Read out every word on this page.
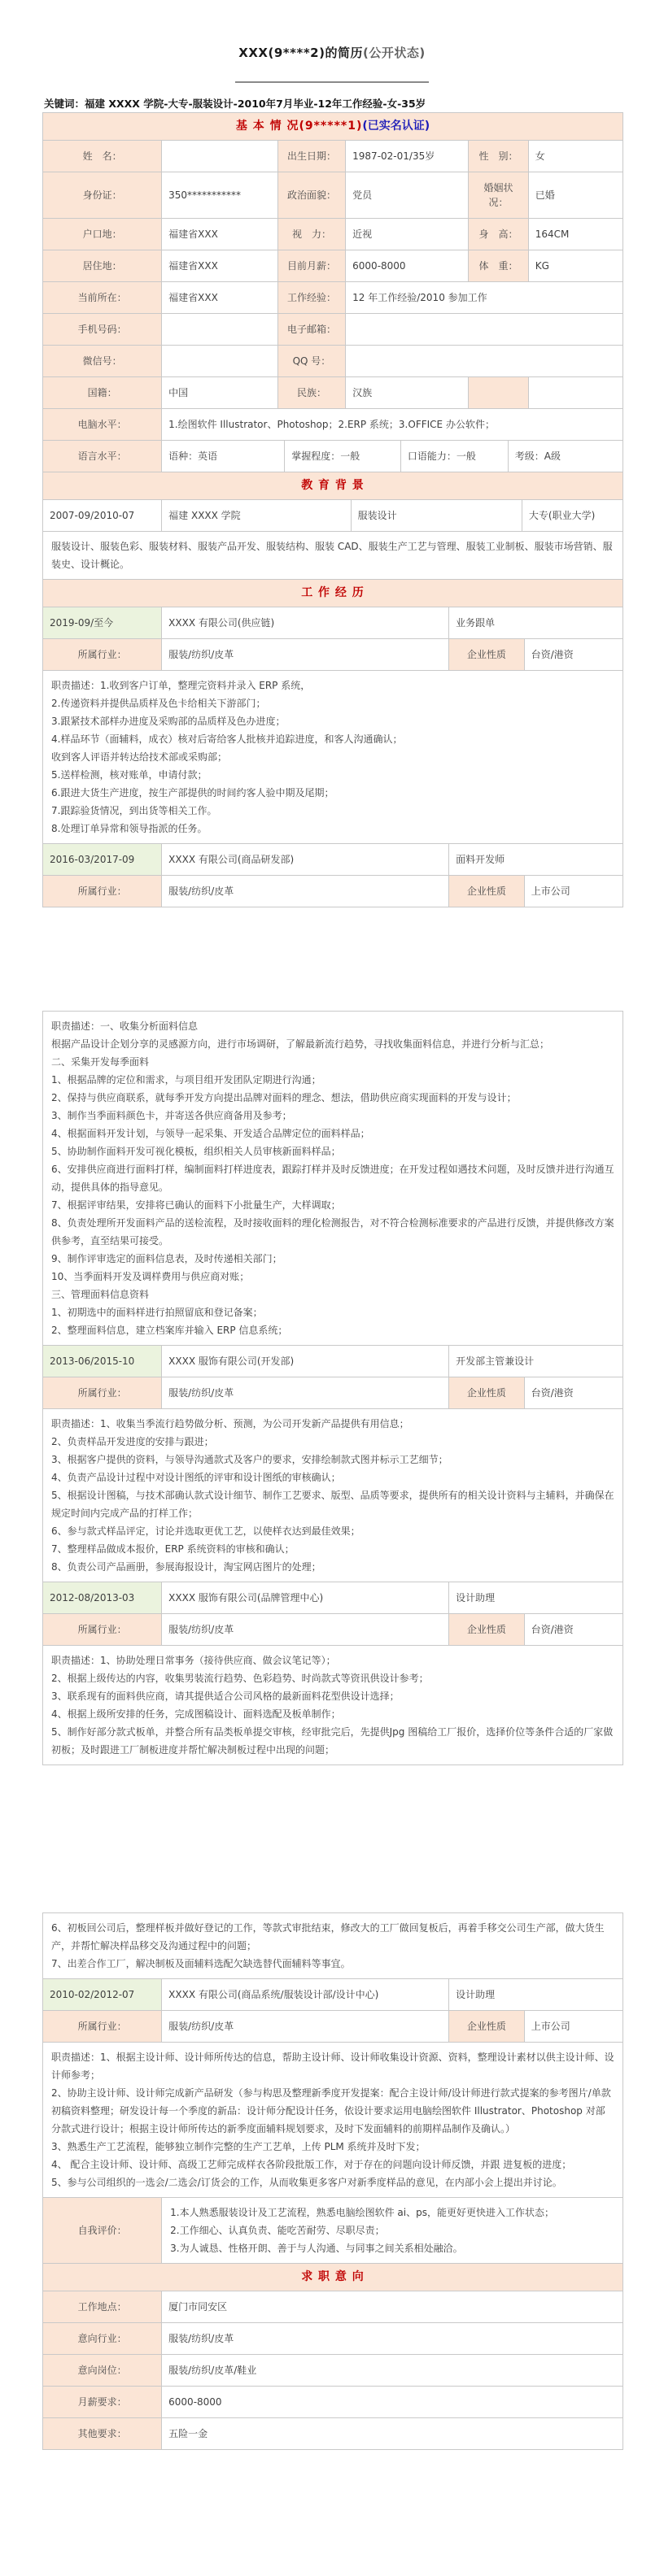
XXX(9****2)的简历(公开状态)
关键词：福建 XXXX 学院-大专-服装设计-2010年7月毕业-12年工作经验-女-35岁
基 本 情 况(9*****1)(已实名认证)					
姓　名：		出生日期：	1987-02-01/35岁	性　别：	女
身份证：	350***********	政治面貌：	党员	婚姻状况：	已婚
户口地：	福建省XXX	视　力：	近视	身　高：	164CM
居住地：	福建省XXX	目前月薪：	6000-8000	体　重：	KG
当前所在：	福建省XXX	工作经验：	12 年工作经验/2010 参加工作		
手机号码：		电子邮箱：			
微信号：		QQ 号：			
国籍：	中国	民族：	汉族		
电脑水平：	1.绘图软件 Illustrator、Photoshop；2.ERP 系统；3.OFFICE 办公软件；				
语言水平：	语种：英语	掌握程度：一般	口语能力：一般	考级：A级
教 育 背 景
2007-09/2010-07	福建 XXXX 学院	服装设计	大专(职业大学)

服装设计、服装色彩、服装材料、服装产品开发、服装结构、服装 CAD、服装生产工艺与管理、服装工业制板、服装市场营销、服装史、设计概论。
工 作 经 历
2019-09/至今	XXXX 有限公司(供应链)	业务跟单	
所属行业：	服装/纺织/皮革	企业性质	台资/港资

职责描述：1.收到客户订单，整理完资料并录入 ERP 系统，
2.传递资料并提供品质样及色卡给相关下游部门；
3.跟紧技术部样办进度及采购部的品质样及色办进度；
4.样品环节（面辅料，成衣）核对后寄给客人批核并追踪进度，和客人沟通确认；
收到客人评语并转达给技术部或采购部；
5.送样检测，核对账单，申请付款；
6.跟进大货生产进度，按生产部提供的时间约客人验中期及尾期；
7.跟踪验货情况，到出货等相关工作。
8.处理订单异常和领导指派的任务。
2016-03/2017-09	XXXX 有限公司(商品研发部)	面料开发师	
所属行业：	服装/纺织/皮革	企业性质	上市公司
职责描述：一、收集分析面料信息
根据产品设计企划分享的灵感源方向，进行市场调研，了解最新流行趋势，寻找收集面料信息，并进行分析与汇总；
二、采集开发每季面料
1、根据品牌的定位和需求，与项目组开发团队定期进行沟通；
2、保持与供应商联系，就每季开发方向提出品牌对面料的理念、想法，借助供应商实现面料的开发与设计；
3、制作当季面料颜色卡，并寄送各供应商备用及参考；
4、根据面料开发计划，与领导一起采集、开发适合品牌定位的面料样品；
5、协助制作面料开发可视化模板，组织相关人员审核新面料样品；
6、安排供应商进行面料打样，编制面料打样进度表，跟踪打样并及时反馈进度；在开发过程如遇技术问题，及时反馈并进行沟通互动，提供具体的指导意见。
7、根据评审结果，安排将已确认的面料下小批量生产，大样调取；
8、负责处理所开发面料产品的送检流程，及时接收面料的理化检测报告，对不符合检测标准要求的产品进行反馈，并提供修改方案供参考，直至结果可接受。
9、制作评审选定的面料信息表，及时传递相关部门；
10、当季面料开发及调样费用与供应商对账；
三、管理面料信息资料
1、初期选中的面料样进行拍照留底和登记备案；
2、整理面料信息，建立档案库并输入 ERP 信息系统；
2013-06/2015-10	XXXX 服饰有限公司(开发部)	开发部主管兼设计	
所属行业：	服装/纺织/皮革	企业性质	台资/港资

职责描述：1、收集当季流行趋势做分析、预测，为公司开发新产品提供有用信息；
2、负责样品开发进度的安排与跟进；
3、根据客户提供的资料，与领导沟通款式及客户的要求，安排绘制款式图并标示工艺细节；
4、负责产品设计过程中对设计图纸的评审和设计图纸的审核确认；
5、根据设计图稿，与技术部确认款式设计细节、制作工艺要求、版型、品质等要求，提供所有的相关设计资料与主辅料，并确保在规定时间内完成产品的打样工作；
6、参与款式样品评定，讨论并选取更优工艺，以使样衣达到最佳效果；
7、整理样品做成本报价，ERP 系统资料的审核和确认；
8、负责公司产品画册，参展海报设计，淘宝网店图片的处理；
2012-08/2013-03	XXXX 服饰有限公司(品牌管理中心)	设计助理	
所属行业：	服装/纺织/皮革	企业性质	台资/港资

职责描述：1、协助处理日常事务（接待供应商、做会议笔记等）；
2、根据上级传达的内容，收集男装流行趋势、色彩趋势、时尚款式等资讯供设计参考；
3、联系现有的面料供应商，请其提供适合公司风格的最新面料花型供设计选择；
4、根据上级所安排的任务，完成图稿设计、面料选配及板单制作；
5、制作好部分款式板单，并整合所有品类板单提交审核，经审批完后，先提供Jpg 图稿给工厂报价，选择价位等条件合适的厂家做初板；及时跟进工厂制板进度并帮忙解决制板过程中出现的问题；			
6、初板回公司后，整理样板并做好登记的工作，等款式审批结束，修改大的工厂做回复板后，再着手移交公司生产部，做大货生产，并帮忙解决样品移交及沟通过程中的问题；
7、出差合作工厂，解决制板及面辅料选配欠缺选替代面辅料等事宜。
2010-02/2012-07	XXXX 有限公司(商品系统/服装设计部/设计中心)	设计助理	
所属行业：	服装/纺织/皮革	企业性质	上市公司

职责描述：1、根据主设计师、设计师所传达的信息，帮助主设计师、设计师收集设计资源、资料，整理设计素材以供主设计师、设计师参考；
2、协助主设计师、设计师完成新产品研发（参与构思及整理新季度开发提案：配合主设计师/设计师进行款式提案的参考图片/单款初稿资料整理；研发设计每一个季度的新品：设计师分配设计任务，依设计要求运用电脑绘图软件 Illustrator、Photoshop 对部分款式进行设计；根据主设计师所传达的新季度面辅料规划要求，及时下发面辅料的前期样品制作及确认。）
3、熟悉生产工艺流程，能够独立制作完整的生产工艺单，上传 PLM 系统并及时下发；
4、 配合主设计师、设计师、高级工艺师完成样衣各阶段批版工作，对于存在的问题向设计师反馈，并跟 进复板的进度；
5、参与公司组织的一选会/二选会/订货会的工作，从而收集更多客户对新季度样品的意见，在内部小会上提出并讨论。			
自我评价：	
1.本人熟悉服装设计及工艺流程，熟悉电脑绘图软件 ai、ps，能更好更快进入工作状态；
2.工作细心、认真负责、能吃苦耐劳、尽职尽责；
3.为人诚恳、性格开朗、善于与人沟通、与同事之间关系相处融洽。
求 职 意 向	
工作地点：	厦门市同安区
意向行业：	服装/纺织/皮革
意向岗位：	服装/纺织/皮革/鞋业
月薪要求：	6000-8000
其他要求：	五险一金
